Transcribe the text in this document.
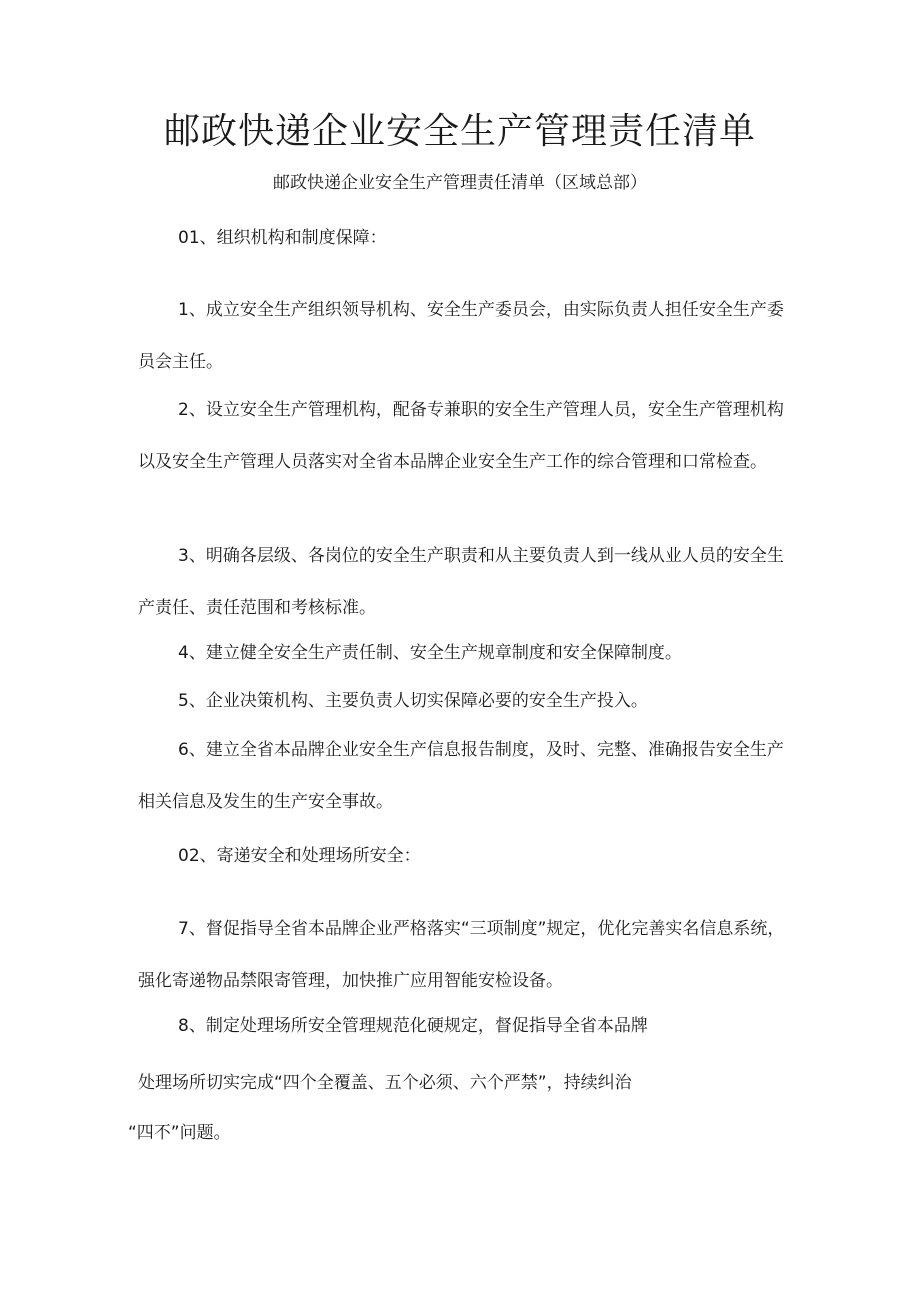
邮政快递企业安全生产管理责任清单

邮政快递企业安全生产管理责任清单（区域总部）

01、组织机构和制度保障：

1、成立安全生产组织领导机构、安全生产委员会，由实际负责人担任安全生产委员会主任。

2、设立安全生产管理机构，配备专兼职的安全生产管理人员，安全生产管理机构以及安全生产管理人员落实对全省本品牌企业安全生产工作的综合管理和口常检查。

3、明确各层级、各岗位的安全生产职责和从主要负责人到一线从业人员的安全生产责任、责任范围和考核标准。

4、建立健全安全生产责任制、安全生产规章制度和安全保障制度。

5、企业决策机构、主要负责人切实保障必要的安全生产投入。

6、建立全省本品牌企业安全生产信息报告制度，及时、完整、准确报告安全生产相关信息及发生的生产安全事故。

02、寄递安全和处理场所安全：

7、督促指导全省本品牌企业严格落实“三项制度”规定，优化完善实名信息系统，强化寄递物品禁限寄管理，加快推广应用智能安检设备。

8、制定处理场所安全管理规范化硬规定，督促指导全省本品牌

处理场所切实完成“四个全覆盖、五个必须、六个严禁”，持续纠治

“四不”问题。
